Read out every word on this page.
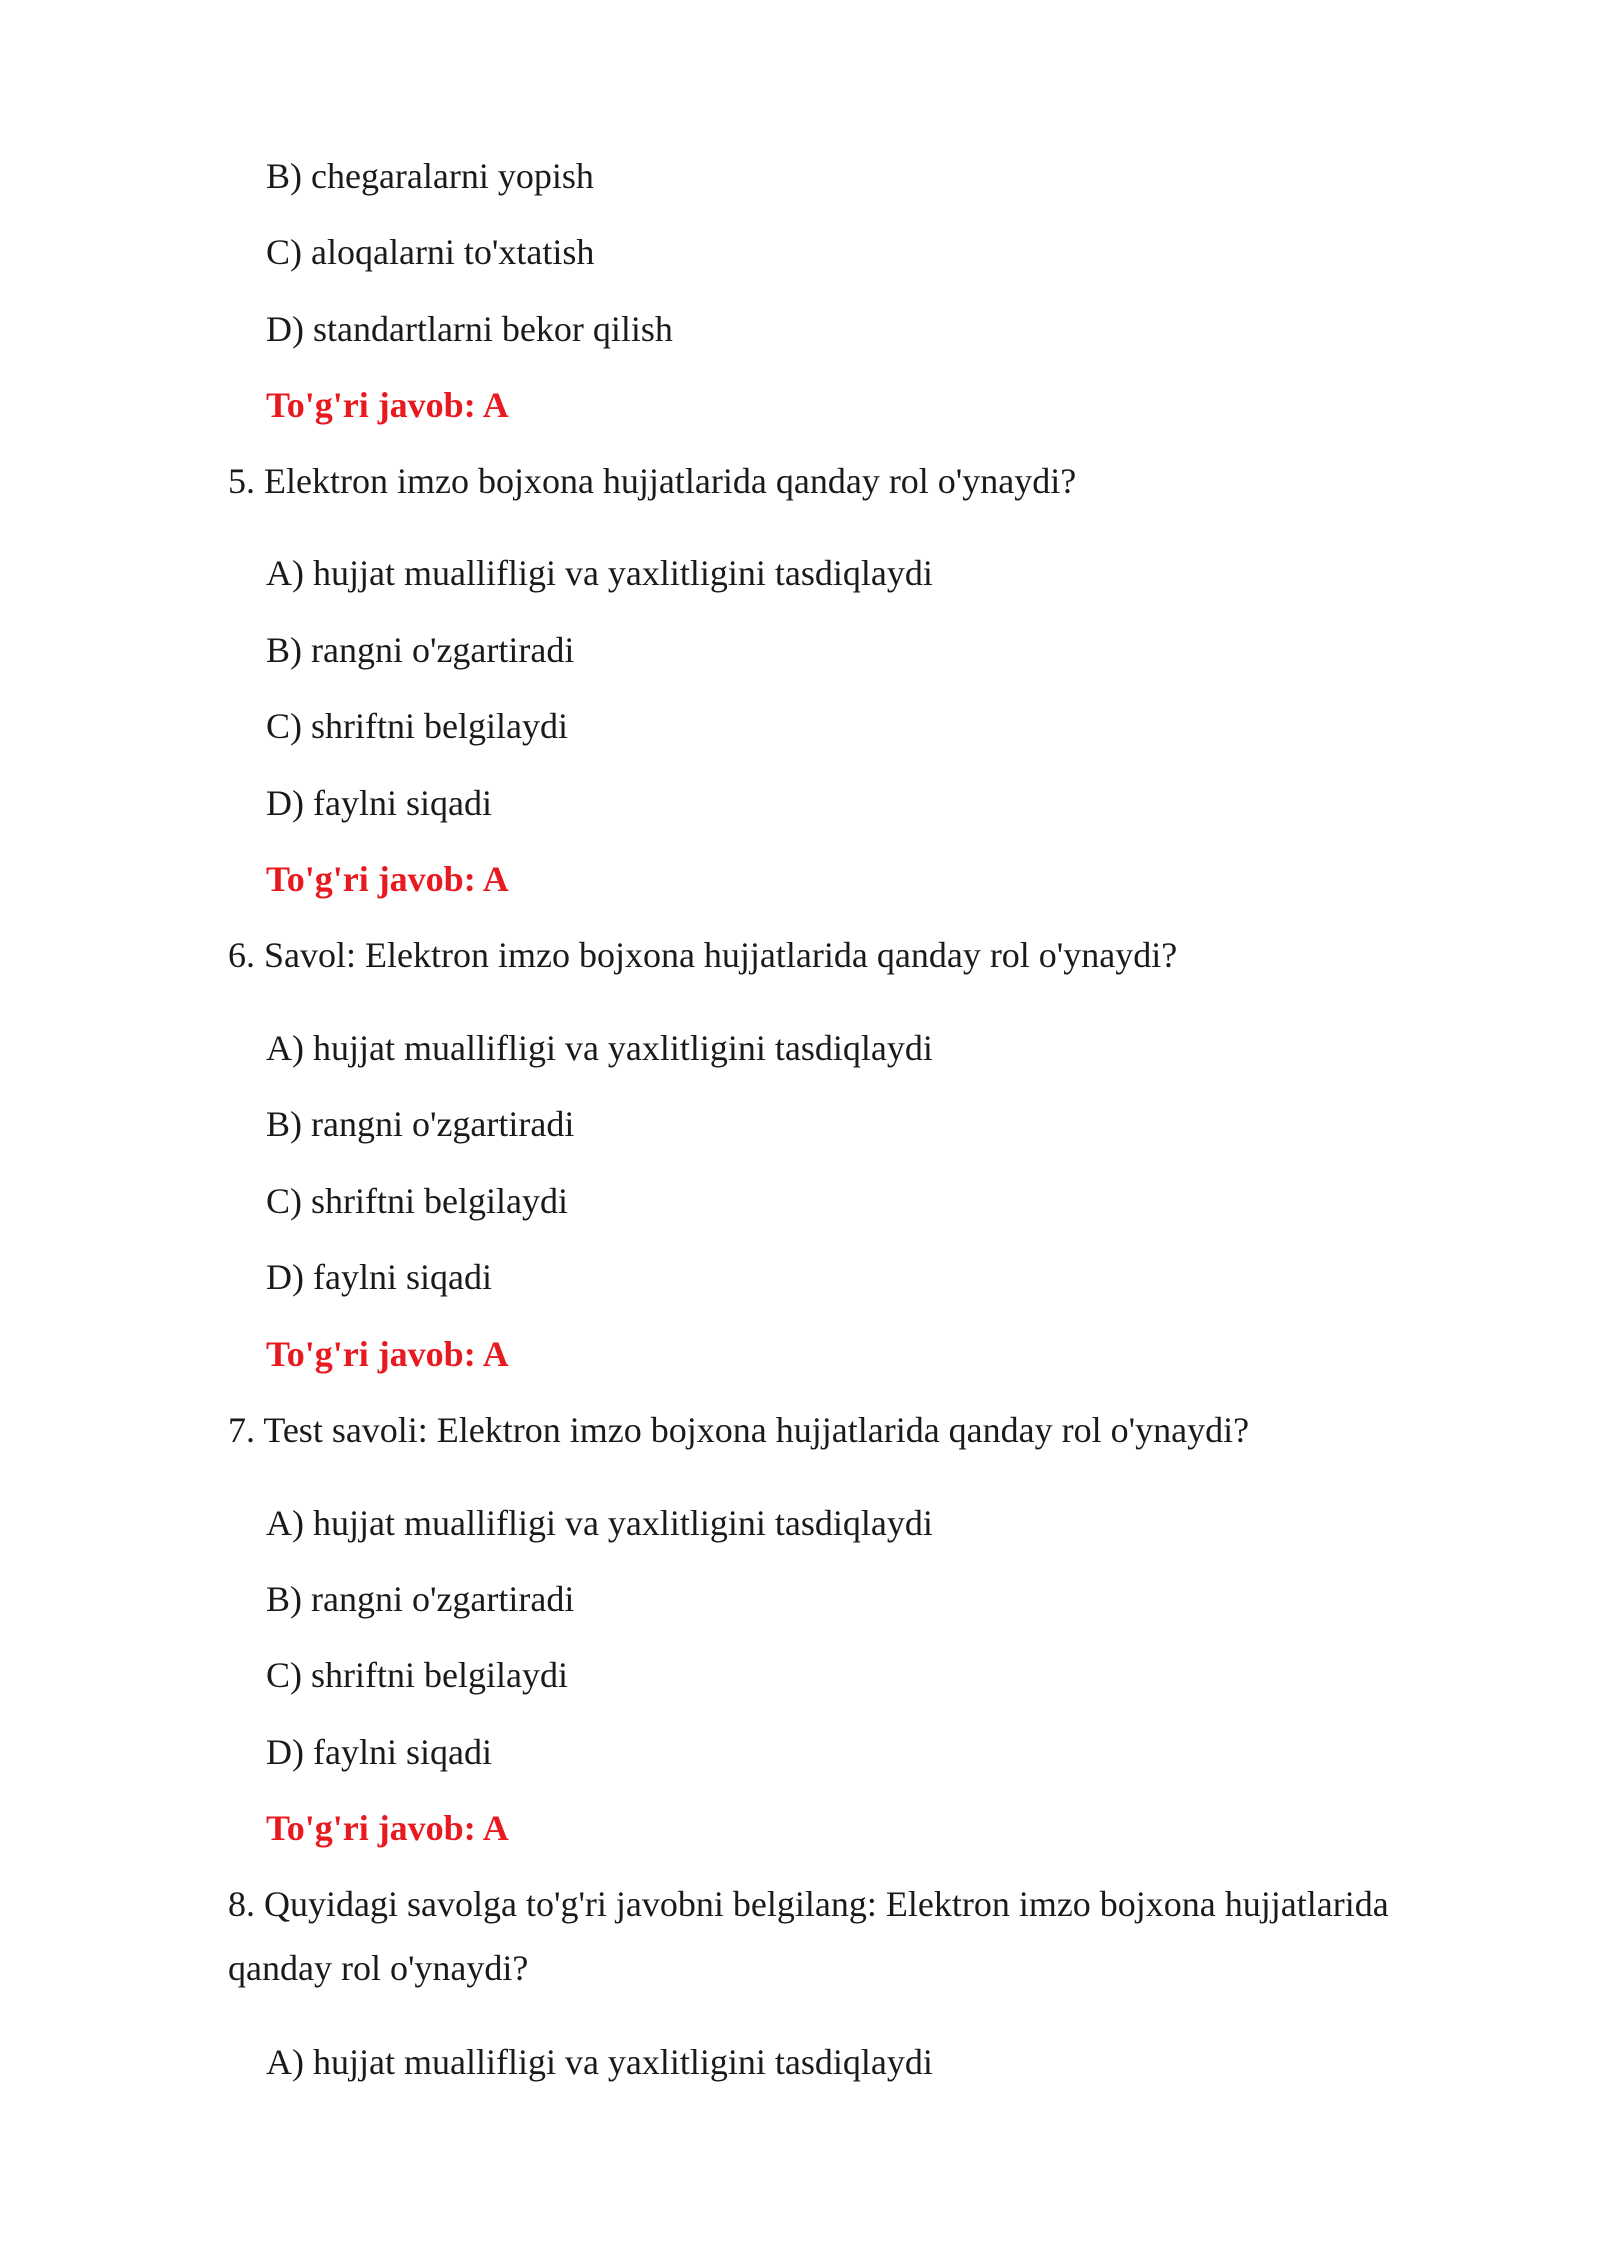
B) chegaralarni yopish
C) aloqalarni to'xtatish
D) standartlarni bekor qilish
To'g'ri javob: A
5. Elektron imzo bojxona hujjatlarida qanday rol o'ynaydi?
A) hujjat muallifligi va yaxlitligini tasdiqlaydi
B) rangni o'zgartiradi
C) shriftni belgilaydi
D) faylni siqadi
To'g'ri javob: A
6. Savol: Elektron imzo bojxona hujjatlarida qanday rol o'ynaydi?
A) hujjat muallifligi va yaxlitligini tasdiqlaydi
B) rangni o'zgartiradi
C) shriftni belgilaydi
D) faylni siqadi
To'g'ri javob: A
7. Test savoli: Elektron imzo bojxona hujjatlarida qanday rol o'ynaydi?
A) hujjat muallifligi va yaxlitligini tasdiqlaydi
B) rangni o'zgartiradi
C) shriftni belgilaydi
D) faylni siqadi
To'g'ri javob: A
8. Quyidagi savolga to'g'ri javobni belgilang: Elektron imzo bojxona hujjatlarida qanday rol o'ynaydi?
A) hujjat muallifligi va yaxlitligini tasdiqlaydi
